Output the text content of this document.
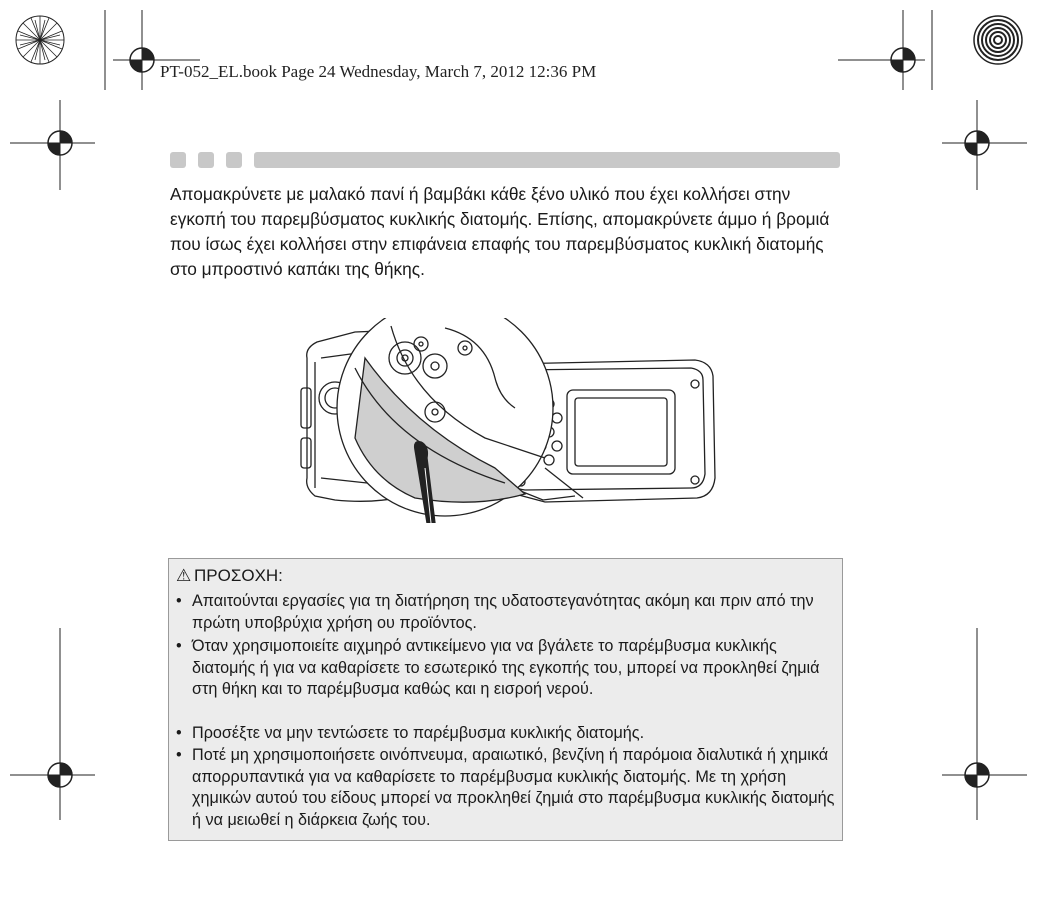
PT-052_EL.book Page 24 Wednesday, March 7, 2012 12:36 PM
Απομακρύνετε με μαλακό πανί ή βαμβάκι κάθε ξένο υλικό που έχει κολλήσει στην εγκοπή του παρεμβύσματος κυκλικής διατομής. Επίσης, απομακρύνετε άμμο ή βρομιά που ίσως έχει κολλήσει στην επιφάνεια επαφής του παρεμβύσματος κυκλική διατομής στο μπροστινό καπάκι της θήκης.
⚠ ΠΡΟΣΟΧΗ:
• Απαιτούνται εργασίες για τη διατήρηση της υδατοστεγανότητας ακόμη και πριν από την πρώτη υποβρύχια χρήση ου προϊόντος.
• Όταν χρησιμοποιείτε αιχμηρό αντικείμενο για να βγάλετε το παρέμβυσμα κυκλικής διατομής ή για να καθαρίσετε το εσωτερικό της εγκοπής του, μπορεί να προκληθεί ζημιά στη θήκη και το παρέμβυσμα καθώς και η εισροή νερού.
• Προσέξτε να μην τεντώσετε το παρέμβυσμα κυκλικής διατομής.
• Ποτέ μη χρησιμοποιήσετε οινόπνευμα, αραιωτικό, βενζίνη ή παρόμοια διαλυτικά ή χημικά απορρυπαντικά για να καθαρίσετε το παρέμβυσμα κυκλικής διατομής. Με τη χρήση χημικών αυτού του είδους μπορεί να προκληθεί ζημιά στο παρέμβυσμα κυκλικής διατομής ή να μειωθεί η διάρκεια ζωής του.
